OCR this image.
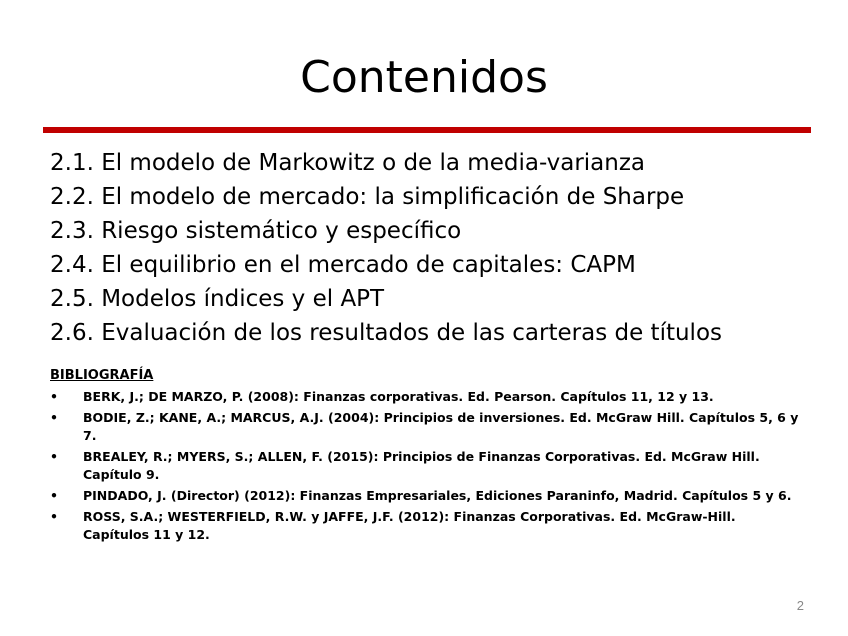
Contenidos
2.1. El modelo de Markowitz o de la media-varianza
2.2. El modelo de mercado: la simplificación de Sharpe
2.3. Riesgo sistemático y específico
2.4. El equilibrio en el mercado de capitales: CAPM
2.5. Modelos índices y el APT
2.6. Evaluación de los resultados de las carteras de títulos

BIBLIOGRAFÍA

• BERK, J.; DE MARZO, P. (2008): Finanzas corporativas. Ed. Pearson. Capítulos 11, 12 y 13.
• BODIE, Z.; KANE, A.; MARCUS, A.J. (2004): Principios de inversiones. Ed. McGraw Hill. Capítulos 5, 6 y 7.
• BREALEY, R.; MYERS, S.; ALLEN, F. (2015): Principios de Finanzas Corporativas. Ed. McGraw Hill. Capítulo 9.
• PINDADO, J. (Director) (2012): Finanzas Empresariales, Ediciones Paraninfo, Madrid. Capítulos 5 y 6.
• ROSS, S.A.; WESTERFIELD, R.W. y JAFFE, J.F. (2012): Finanzas Corporativas. Ed. McGraw-Hill. Capítulos 11 y 12.
2
